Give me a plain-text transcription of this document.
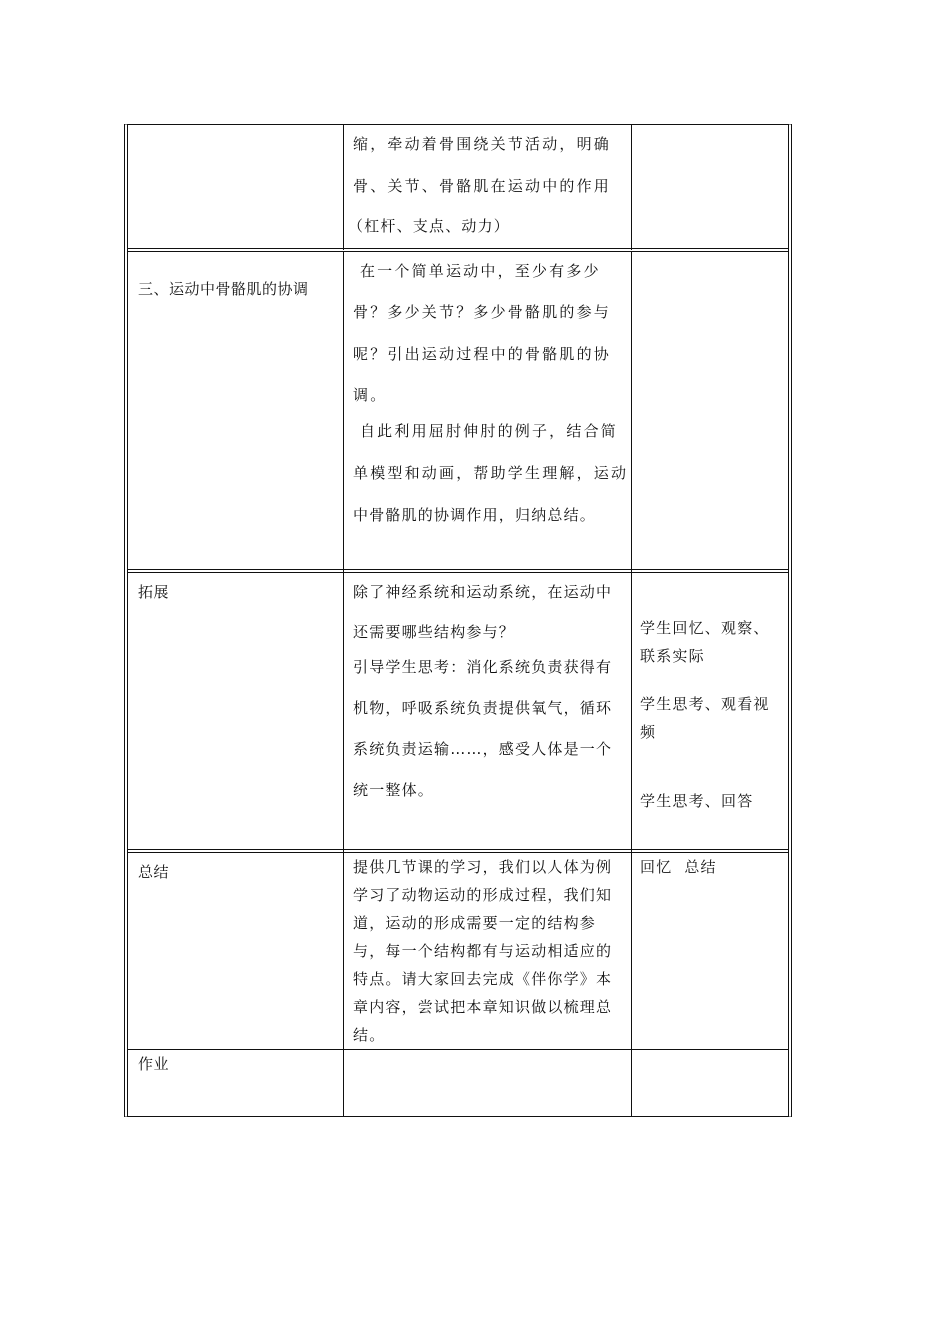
缩，牵动着骨围绕关节活动，明确
骨、关节、骨骼肌在运动中的作用
（杠杆、支点、动力）
三、运动中骨骼肌的协调
在一个简单运动中，至少有多少
骨？多少关节？多少骨骼肌的参与
呢？引出运动过程中的骨骼肌的协
调。
自此利用屈肘伸肘的例子，结合简
单模型和动画，帮助学生理解，运动
中骨骼肌的协调作用，归纳总结。
拓展	除了神经系统和运动系统，在运动中
还需要哪些结构参与？
引导学生思考：消化系统负责获得有
机物，呼吸系统负责提供氧气，循环
系统负责运输……，感受人体是一个
统一整体。
学生回忆、观察、
联系实际
学生思考、观看视
频
学生思考、回答
总结	提供几节课的学习，我们以人体为例
学习了动物运动的形成过程，我们知
道，运动的形成需要一定的结构参
与，每一个结构都有与运动相适应的
特点。请大家回去完成《伴你学》本
章内容，尝试把本章知识做以梳理总
结。
回忆  总结
作业
